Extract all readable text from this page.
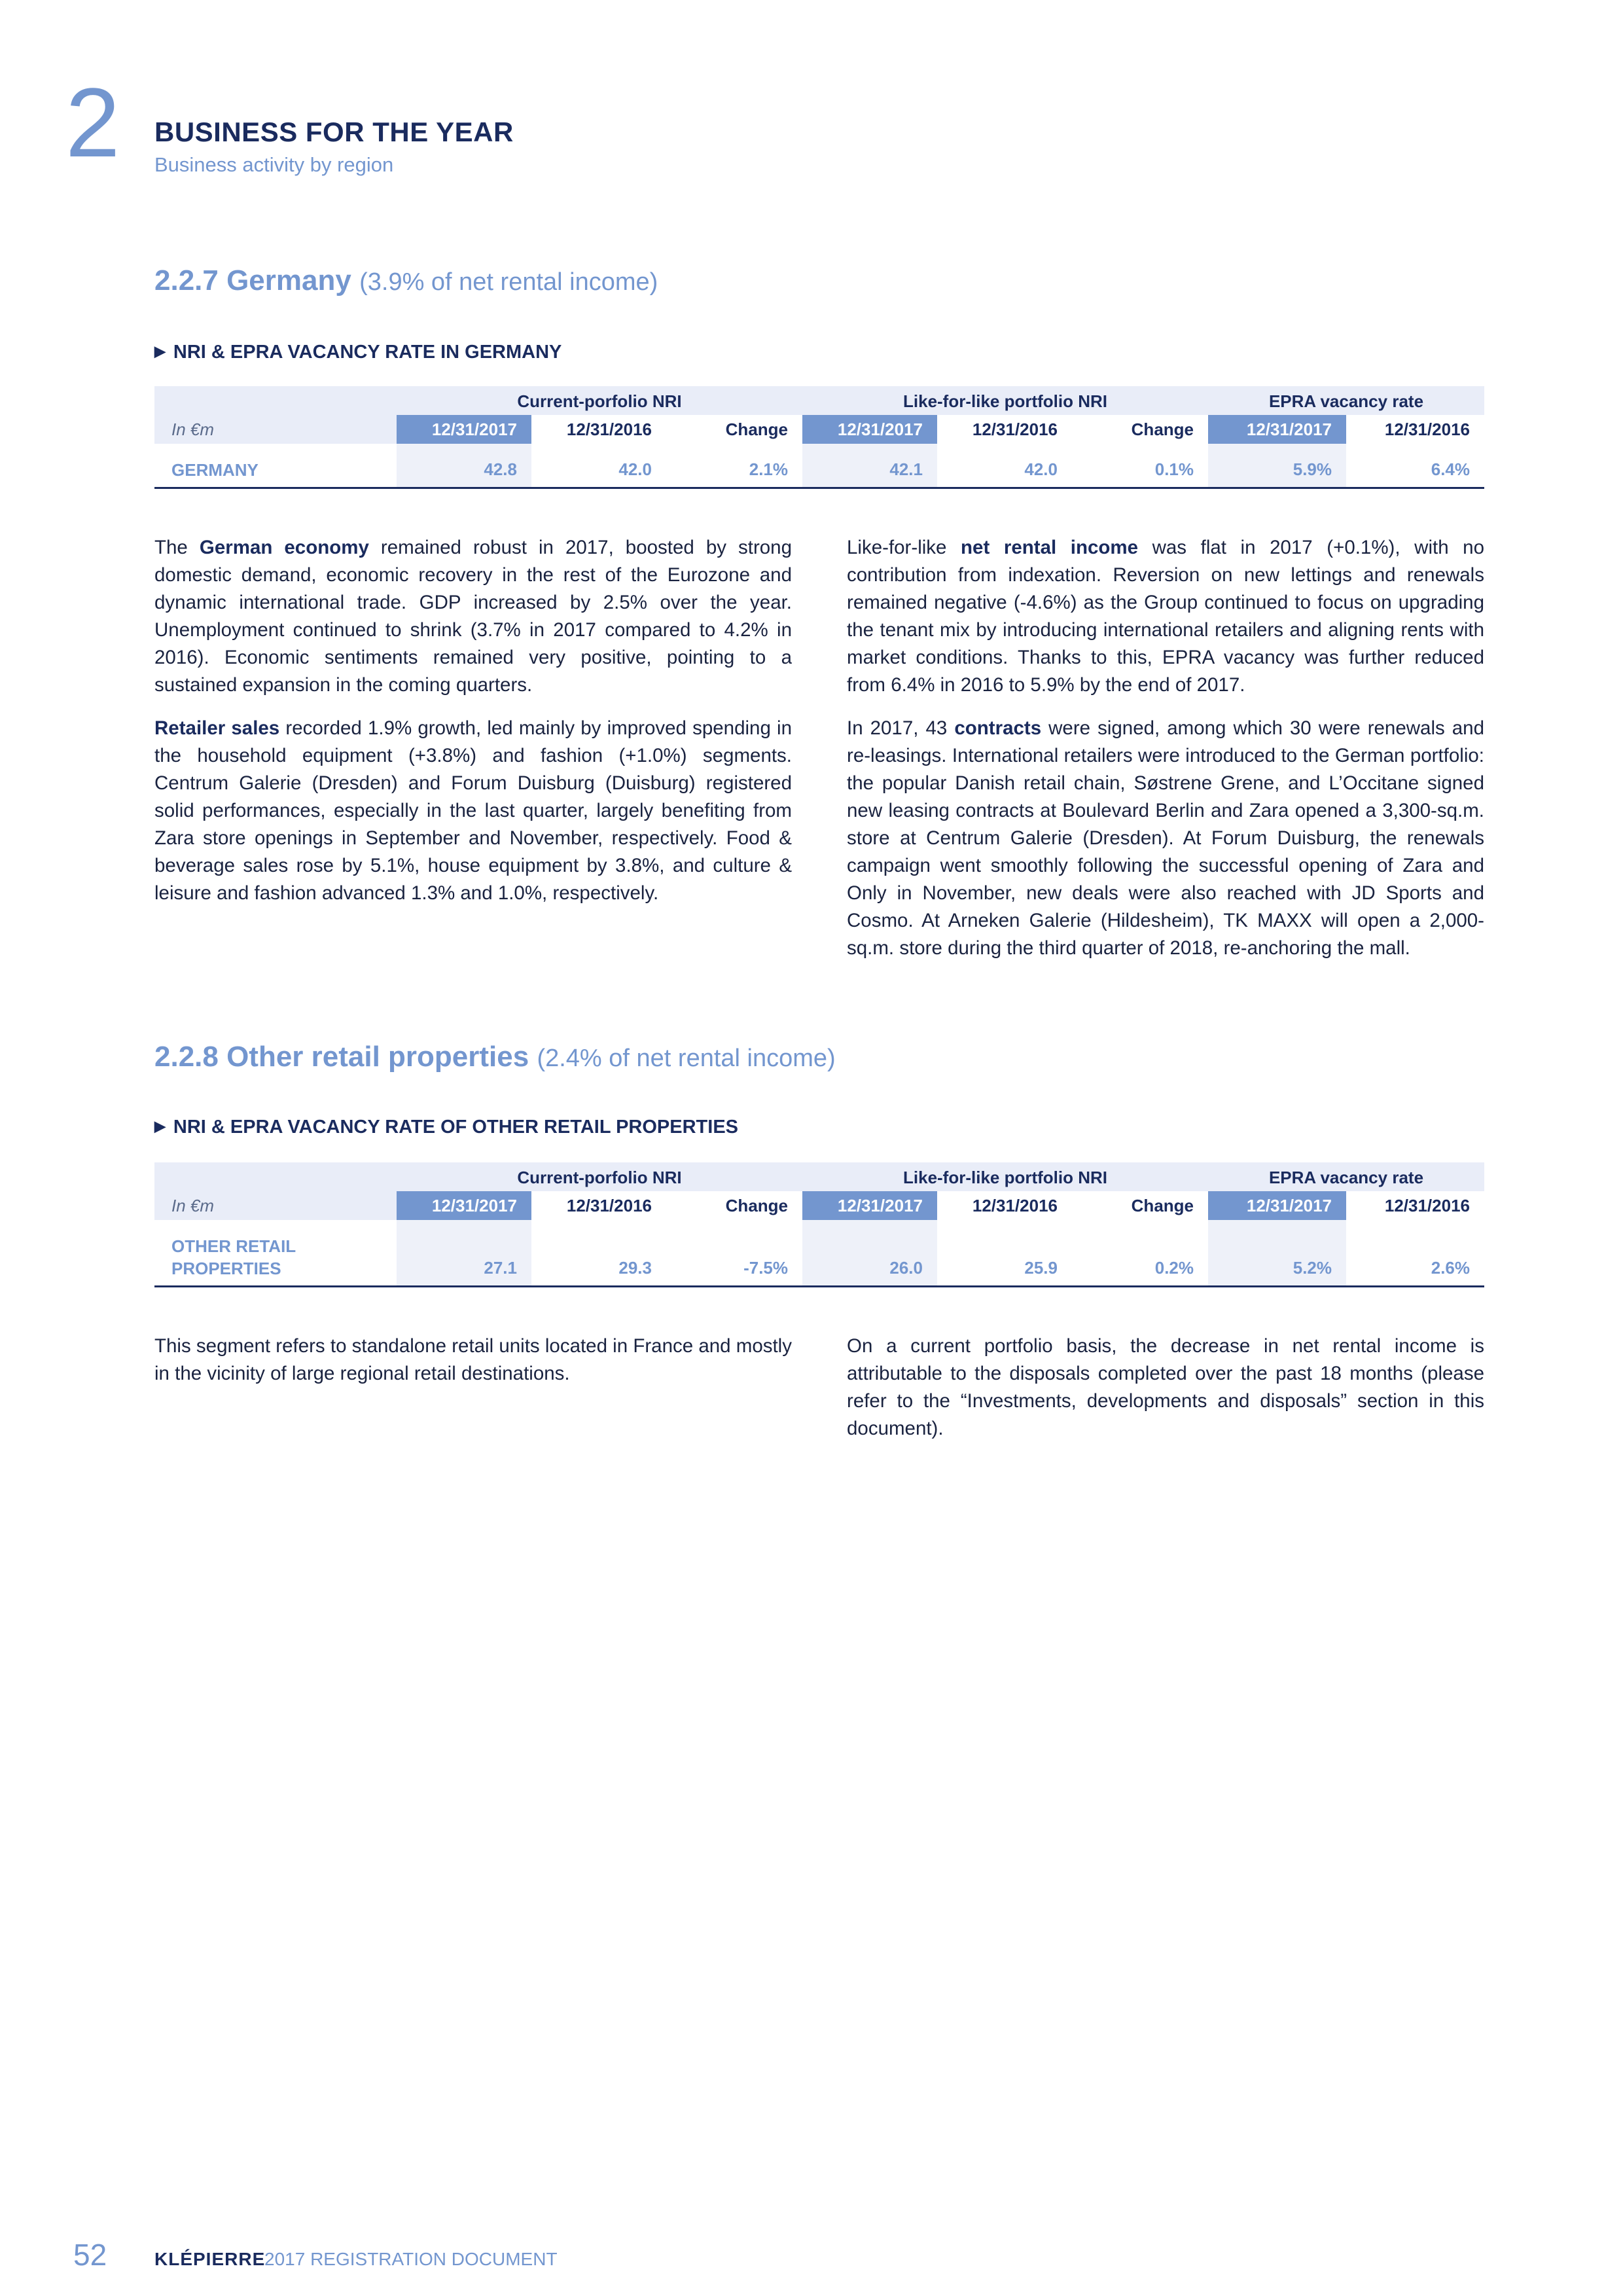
2 BUSINESS FOR THE YEAR
Business activity by region
2.2.7 Germany (3.9% of net rental income)
▶ NRI & EPRA VACANCY RATE IN GERMANY
Current-porfolio NRI	Like-for-like portfolio NRI	EPRA vacancy rate
In €m	12/31/2017	12/31/2016	Change	12/31/2017	12/31/2016	Change	12/31/2017	12/31/2016
GERMANY	42.8	42.0	2.1%	42.1	42.0	0.1%	5.9%	6.4%

The German economy remained robust in 2017, boosted by strong domestic demand, economic recovery in the rest of the Eurozone and dynamic international trade. GDP increased by 2.5% over the year. Unemployment continued to shrink (3.7% in 2017 compared to 4.2% in 2016). Economic sentiments remained very positive, pointing to a sustained expansion in the coming quarters.

Retailer sales recorded 1.9% growth, led mainly by improved spending in the household equipment (+3.8%) and fashion (+1.0%) segments. Centrum Galerie (Dresden) and Forum Duisburg (Duisburg) registered solid performances, especially in the last quarter, largely benefiting from Zara store openings in September and November, respectively. Food & beverage sales rose by 5.1%, house equipment by 3.8%, and culture & leisure and fashion advanced 1.3% and 1.0%, respectively.

Like-for-like net rental income was flat in 2017 (+0.1%), with no contribution from indexation. Reversion on new lettings and renewals remained negative (-4.6%) as the Group continued to focus on upgrading the tenant mix by introducing international retailers and aligning rents with market conditions. Thanks to this, EPRA vacancy was further reduced from 6.4% in 2016 to 5.9% by the end of 2017.

In 2017, 43 contracts were signed, among which 30 were renewals and re-leasings. International retailers were introduced to the German portfolio: the popular Danish retail chain, Søstrene Grene, and L’Occitane signed new leasing contracts at Boulevard Berlin and Zara opened a 3,300-sq.m. store at Centrum Galerie (Dresden). At Forum Duisburg, the renewals campaign went smoothly following the successful opening of Zara and Only in November, new deals were also reached with JD Sports and Cosmo. At Arneken Galerie (Hildesheim), TK MAXX will open a 2,000-sq.m. store during the third quarter of 2018, re-anchoring the mall.

2.2.8 Other retail properties (2.4% of net rental income)
▶ NRI & EPRA VACANCY RATE OF OTHER RETAIL PROPERTIES
Current-porfolio NRI	Like-for-like portfolio NRI	EPRA vacancy rate
In €m	12/31/2017	12/31/2016	Change	12/31/2017	12/31/2016	Change	12/31/2017	12/31/2016
OTHER RETAIL
PROPERTIES	27.1	29.3	-7.5%	26.0	25.9	0.2%	5.2%	2.6%

This segment refers to standalone retail units located in France and mostly in the vicinity of large regional retail destinations.

On a current portfolio basis, the decrease in net rental income is attributable to the disposals completed over the past 18 months (please refer to the “Investments, developments and disposals” section in this document).

52	KLÉPIERRE
2017 REGISTRATION DOCUMENT
